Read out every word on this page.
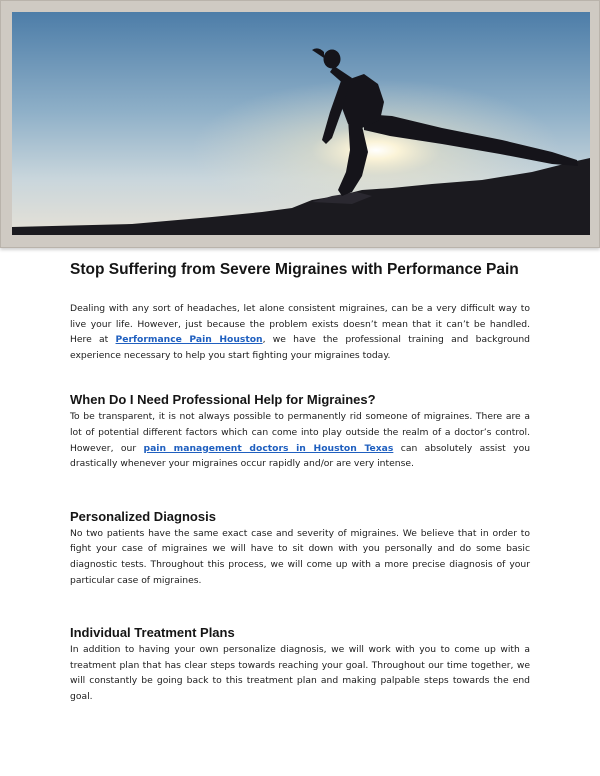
Stop Suffering from Severe Migraines with Performance Pain

Dealing with any sort of headaches, let alone consistent migraines, can be a very difficult way to live your life. However, just because the problem exists doesn’t mean that it can’t be handled. Here at Performance Pain Houston, we have the professional training and background experience necessary to help you start fighting your migraines today.

When Do I Need Professional Help for Migraines?

To be transparent, it is not always possible to permanently rid someone of migraines. There are a lot of potential different factors which can come into play outside the realm of a doctor’s control. However, our pain management doctors in Houston Texas can absolutely assist you drastically whenever your migraines occur rapidly and/or are very intense.

Personalized Diagnosis

No two patients have the same exact case and severity of migraines. We believe that in order to fight your case of migraines we will have to sit down with you personally and do some basic diagnostic tests. Throughout this process, we will come up with a more precise diagnosis of your particular case of migraines.

Individual Treatment Plans

In addition to having your own personalize diagnosis, we will work with you to come up with a treatment plan that has clear steps towards reaching your goal. Throughout our time together, we will constantly be going back to this treatment plan and making palpable steps towards the end goal.
